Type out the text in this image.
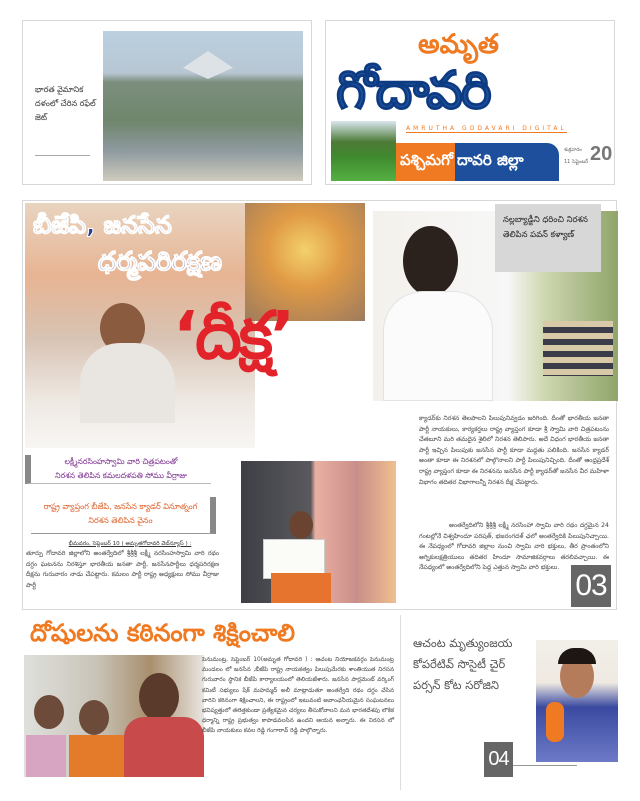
భారత వైమానిక దళంలో చేరిన రఫేల్ జెట్
అమృత
గోదావరి
AMRUTHA GODAVARI DIGITAL
పశ్చిమగో దావరి జిల్లా
శుక్రవారం
11 సెప్టెంబర్ 20
బీజేపి, జనసేన
ధర్మపరిరక్షణ
‘దీక్ష’
నల్లబ్యాడ్జీని ధరించి నిరశన తెలిపిన పవన్ కళ్యాణ్
లక్ష్మీనరసింహస్వామి వారి చిత్రపటంతో
నిరశన తెలిపిన కమలదళపతి సోము వీర్రాజు
రాష్ట్ర వ్యాప్తంగ బీజేపి, జనసేన క్యాడర్ వినూత్నంగ నిరశన తెలిపిన వైనం
భీమవరం, సెప్టెంబర్ 10 ( అమృతగోదావరి వెబ్‌న్యూస్ ) :
తూర్పు గోదావరి జిల్లాలోని అంతర్వేదిలో శ్రీశ్రీశ్రీ లక్ష్మీ నరసింహస్వామి వారి రథం దగ్ధం ఘటనను నిరశిస్తూ భారతీయ జనతా పార్టీ, జనసేనపార్టీలు ధర్మపరిరక్షణ దీక్షను గురువారం నాడు చేపట్టారు. కమలం పార్టీ రాష్ట్ర అధ్యక్షులు సోము వీర్రాజు పార్టీ
క్యాడర్‌కు నిరశన తెలపాలని పిలుపునివ్వడం జరిగింది. దీంతో భారతీయ జనతా పార్టీ నాయకులు, కార్యకర్తలు రాష్ట్ర వ్యాప్తంగ కూడా శ్రీ స్వామి వారి చిత్రపటంను చేతబూని మరి తమదైన శైలిలో నిరశన తెలిపారు. అదే విధంగ భారతీయ జనతా పార్టీ ఇచ్చిన పిలుపుకు జనసేన పార్టీ కూడా మద్దతు పలికింది. జనసేన క్యాడర్ అంతా కూడా ఈ నిరశనలో పాల్గొనాలని పార్టీ పిలుపునిచ్చింది. దీంతో ఆంధ్రప్రదేశ్ రాష్ట్ర వ్యాప్తంగ కూడా ఈ నిరశనను జనసేన పార్టీ క్యాడర్‌తో జనసేన వీర మహిళా విభాగం తదితర విభాగాలన్నీ నిరశన దీక్ష చేపట్టారు.
అంతర్వేదిలోని శ్రీశ్రీశ్రీ లక్ష్మీ నరసింహా స్వామి వారి రథం దగ్ధమైన 24 గంటల్లోనే విశ్వహిందూ పరిషత్, భజరంగదళ్ ఛలో అంతర్వేదికి పిలుపునిచ్చాయి. ఈ నేపధ్యంలో గోదావరి జిల్లాల నుంచి స్వామి వారి భక్తులు, తీర ప్రాంతంలోని అగ్నికులక్షత్రియులు తదితర హిందూ సామాజికవర్గాలు తరలివచ్చాయి. ఈ నేపధ్యంలో అంతర్వేదిలోని పెద్ద ఎత్తున స్వామి వారి భక్తులు.
03
దోషులను కఠినంగా శిక్షించాలి
పెనుమంట్ర, సెప్టెంబర్ 10(అమృత గోదావరి ) : ఆచంట నియోజకవర్గం పెనుమంట్ర మండలం లో జనసేన ,బీజేపి రాష్ట్ర నాయకత్వం పిలుపుమేరకు శాంతియుత నిరసన గురువారం స్థానిక బీజేపి కార్యాలయంలో తెలియజేశారు. జనసేన పార్లమెంట్ వర్కింగ్ కమిటీ సభ్యులు షేక్ మహమ్మద్ అలీ మాట్లాడుతూ అంతర్వేది రథం దగ్ధం చేసిన వారిని కఠినంగా శిక్షించాలని, ఈ రాష్ట్రంలో ఇటువంటి అవాంఛనీయమైన సంఘటనలు భవిష్యత్తులో తలెత్తకుండా ప్రత్యేకమైన చర్యలు తీసుకోవాలని మన భారతదేశపు లౌకిక ధర్మాన్ని రాష్ట్ర ప్రభుత్వం కాపాడవలసిన ఉందని ఆయన అన్నారు. ఈ నిరసన లో బీజేపి నాయకులు కవల రెడ్డి గంగారావ్ రెడ్డి పాల్గొన్నారు.
ఆచంట మృత్యుంజయ కోపరేటివ్ సొసైటీ చైర్ పర్సన్ కోట సరోజిని
04
